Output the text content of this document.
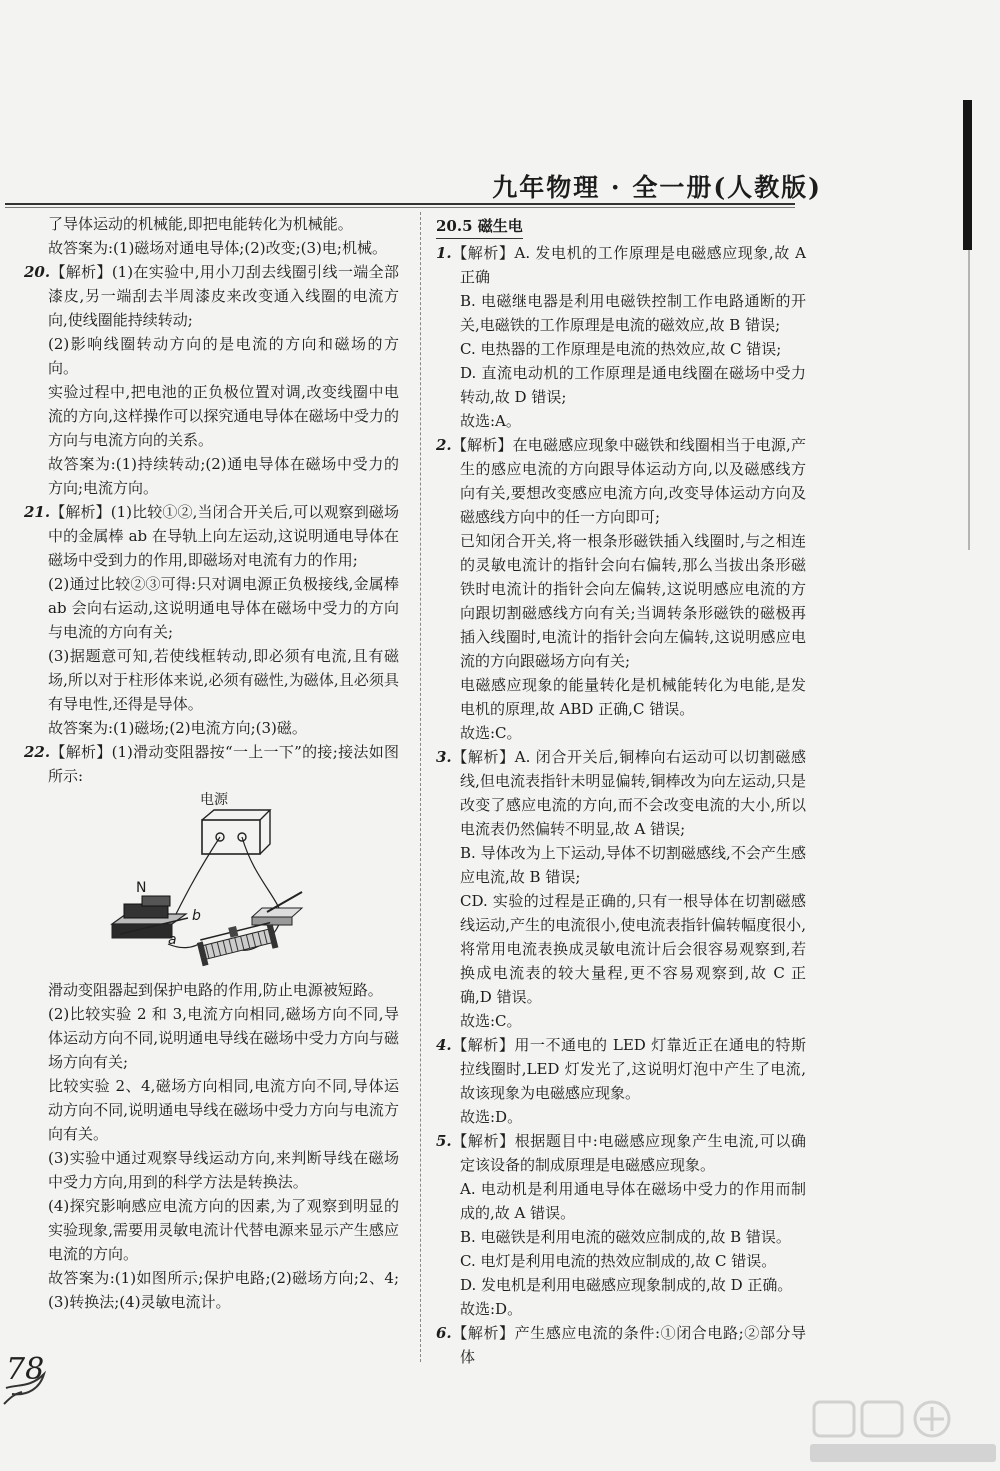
九年物理 · 全一册(人教版)

了导体运动的机械能,即把电能转化为机械能。

故答案为:(1)磁场对通电导体;(2)改变;(3)电;机械。

20.【解析】(1)在实验中,用小刀刮去线圈引线一端全部漆皮,另一端刮去半周漆皮来改变通入线圈的电流方向,使线圈能持续转动;

(2)影响线圈转动方向的是电流的方向和磁场的方向。

实验过程中,把电池的正负极位置对调,改变线圈中电流的方向,这样操作可以探究通电导体在磁场中受力的方向与电流方向的关系。

故答案为:(1)持续转动;(2)通电导体在磁场中受力的方向;电流方向。

21.【解析】(1)比较①②,当闭合开关后,可以观察到磁场中的金属棒 ab 在导轨上向左运动,这说明通电导体在磁场中受到力的作用,即磁场对电流有力的作用;

(2)通过比较②③可得:只对调电源正负极接线,金属棒 ab 会向右运动,这说明通电导体在磁场中受力的方向与电流的方向有关;

(3)据题意可知,若使线框转动,即必须有电流,且有磁场,所以对于柱形体来说,必须有磁性,为磁体,且必须具有导电性,还得是导体。

故答案为:(1)磁场;(2)电流方向;(3)磁。

22.【解析】(1)滑动变阻器按“一上一下”的接;接法如图所示:

电源
N
b
a

滑动变阻器起到保护电路的作用,防止电源被短路。

(2)比较实验 2 和 3,电流方向相同,磁场方向不同,导体运动方向不同,说明通电导线在磁场中受力方向与磁场方向有关;

比较实验 2、4,磁场方向相同,电流方向不同,导体运动方向不同,说明通电导线在磁场中受力方向与电流方向有关。

(3)实验中通过观察导线运动方向,来判断导线在磁场中受力方向,用到的科学方法是转换法。

(4)探究影响感应电流方向的因素,为了观察到明显的实验现象,需要用灵敏电流计代替电源来显示产生感应电流的方向。

故答案为:(1)如图所示;保护电路;(2)磁场方向;2、4;(3)转换法;(4)灵敏电流计。

20.5 磁生电

1.【解析】A. 发电机的工作原理是电磁感应现象,故 A 正确

B. 电磁继电器是利用电磁铁控制工作电路通断的开关,电磁铁的工作原理是电流的磁效应,故 B 错误;

C. 电热器的工作原理是电流的热效应,故 C 错误;

D. 直流电动机的工作原理是通电线圈在磁场中受力转动,故 D 错误;

故选:A。

2.【解析】在电磁感应现象中磁铁和线圈相当于电源,产生的感应电流的方向跟导体运动方向,以及磁感线方向有关,要想改变感应电流方向,改变导体运动方向及磁感线方向中的任一方向即可;

已知闭合开关,将一根条形磁铁插入线圈时,与之相连的灵敏电流计的指针会向右偏转,那么当拔出条形磁铁时电流计的指针会向左偏转,这说明感应电流的方向跟切割磁感线方向有关;当调转条形磁铁的磁极再插入线圈时,电流计的指针会向左偏转,这说明感应电流的方向跟磁场方向有关;

电磁感应现象的能量转化是机械能转化为电能,是发电机的原理,故 ABD 正确,C 错误。

故选:C。

3.【解析】A. 闭合开关后,铜棒向右运动可以切割磁感线,但电流表指针未明显偏转,铜棒改为向左运动,只是改变了感应电流的方向,而不会改变电流的大小,所以电流表仍然偏转不明显,故 A 错误;

B. 导体改为上下运动,导体不切割磁感线,不会产生感应电流,故 B 错误;

CD. 实验的过程是正确的,只有一根导体在切割磁感线运动,产生的电流很小,使电流表指针偏转幅度很小,将常用电流表换成灵敏电流计后会很容易观察到,若换成电流表的较大量程,更不容易观察到,故 C 正确,D 错误。

故选:C。

4.【解析】用一不通电的 LED 灯靠近正在通电的特斯拉线圈时,LED 灯发光了,这说明灯泡中产生了电流,故该现象为电磁感应现象。

故选:D。

5.【解析】根据题目中:电磁感应现象产生电流,可以确定该设备的制成原理是电磁感应现象。

A. 电动机是利用通电导体在磁场中受力的作用而制成的,故 A 错误。

B. 电磁铁是利用电流的磁效应制成的,故 B 错误。

C. 电灯是利用电流的热效应制成的,故 C 错误。

D. 发电机是利用电磁感应现象制成的,故 D 正确。

故选:D。

6.【解析】产生感应电流的条件:①闭合电路;②部分导体

78
